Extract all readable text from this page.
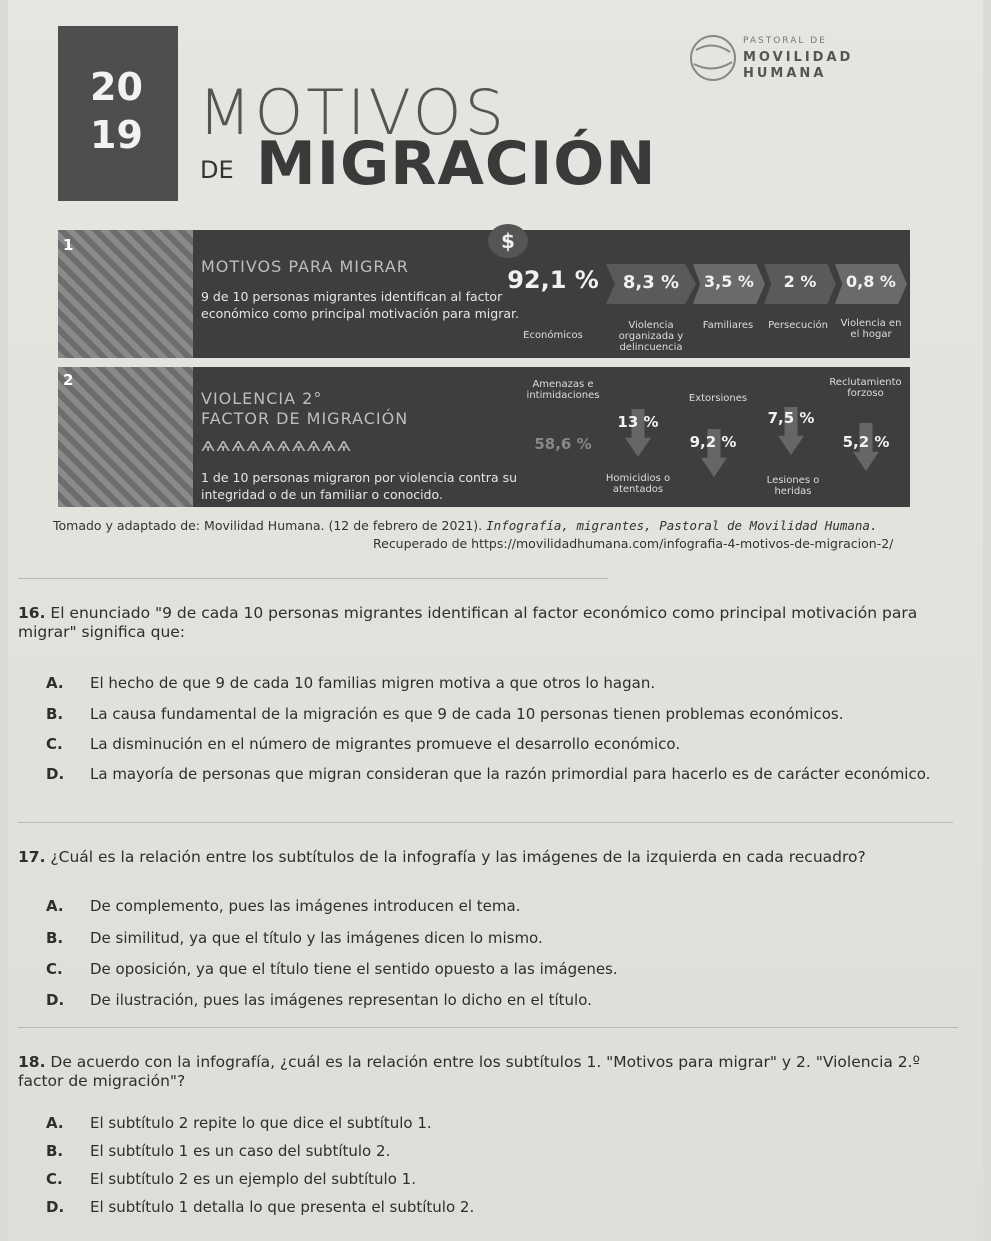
20
19 MOTIVOS
DE MIGRACIÓN
PASTORAL DE
MOVILIDAD
HUMANA
1
MOTIVOS PARA MIGRAR
9 de 10 personas migrantes identifican al factor económico como principal motivación para migrar.
$
92,1 %
Económicos
8,3 %
Violencia organizada y delincuencia
3,5 %
Familiares
2 %
Persecución
0,8 %
Violencia en el hogar
2
VIOLENCIA 2°
FACTOR DE MIGRACIÓN
ѧѧѧѧѧѧѧѧѧѧ
1 de 10 personas migraron por violencia contra su integridad o de un familiar o conocido.
Amenazas e intimidaciones
58,6 %
13 %
Homicidios o atentados
Extorsiones
9,2 %
7,5 %
Lesiones o heridas
Reclutamiento forzoso
5,2 %
Tomado y adaptado de: Movilidad Humana. (12 de febrero de 2021). Infografía, migrantes, Pastoral de Movilidad Humana.
Recuperado de https://movilidadhumana.com/infografia-4-motivos-de-migracion-2/
16. El enunciado "9 de cada 10 personas migrantes identifican al factor económico como principal motivación para migrar" significa que:
A. El hecho de que 9 de cada 10 familias migren motiva a que otros lo hagan.
B. La causa fundamental de la migración es que 9 de cada 10 personas tienen problemas económicos.
C. La disminución en el número de migrantes promueve el desarrollo económico.
D. La mayoría de personas que migran consideran que la razón primordial para hacerlo es de carácter económico.
17. ¿Cuál es la relación entre los subtítulos de la infografía y las imágenes de la izquierda en cada recuadro?
A. De complemento, pues las imágenes introducen el tema.
B. De similitud, ya que el título y las imágenes dicen lo mismo.
C. De oposición, ya que el título tiene el sentido opuesto a las imágenes.
D. De ilustración, pues las imágenes representan lo dicho en el título.
18. De acuerdo con la infografía, ¿cuál es la relación entre los subtítulos 1. "Motivos para migrar" y 2. "Violencia 2.º factor de migración"?
A. El subtítulo 2 repite lo que dice el subtítulo 1.
B. El subtítulo 1 es un caso del subtítulo 2.
C. El subtítulo 2 es un ejemplo del subtítulo 1.
D. El subtítulo 1 detalla lo que presenta el subtítulo 2.
